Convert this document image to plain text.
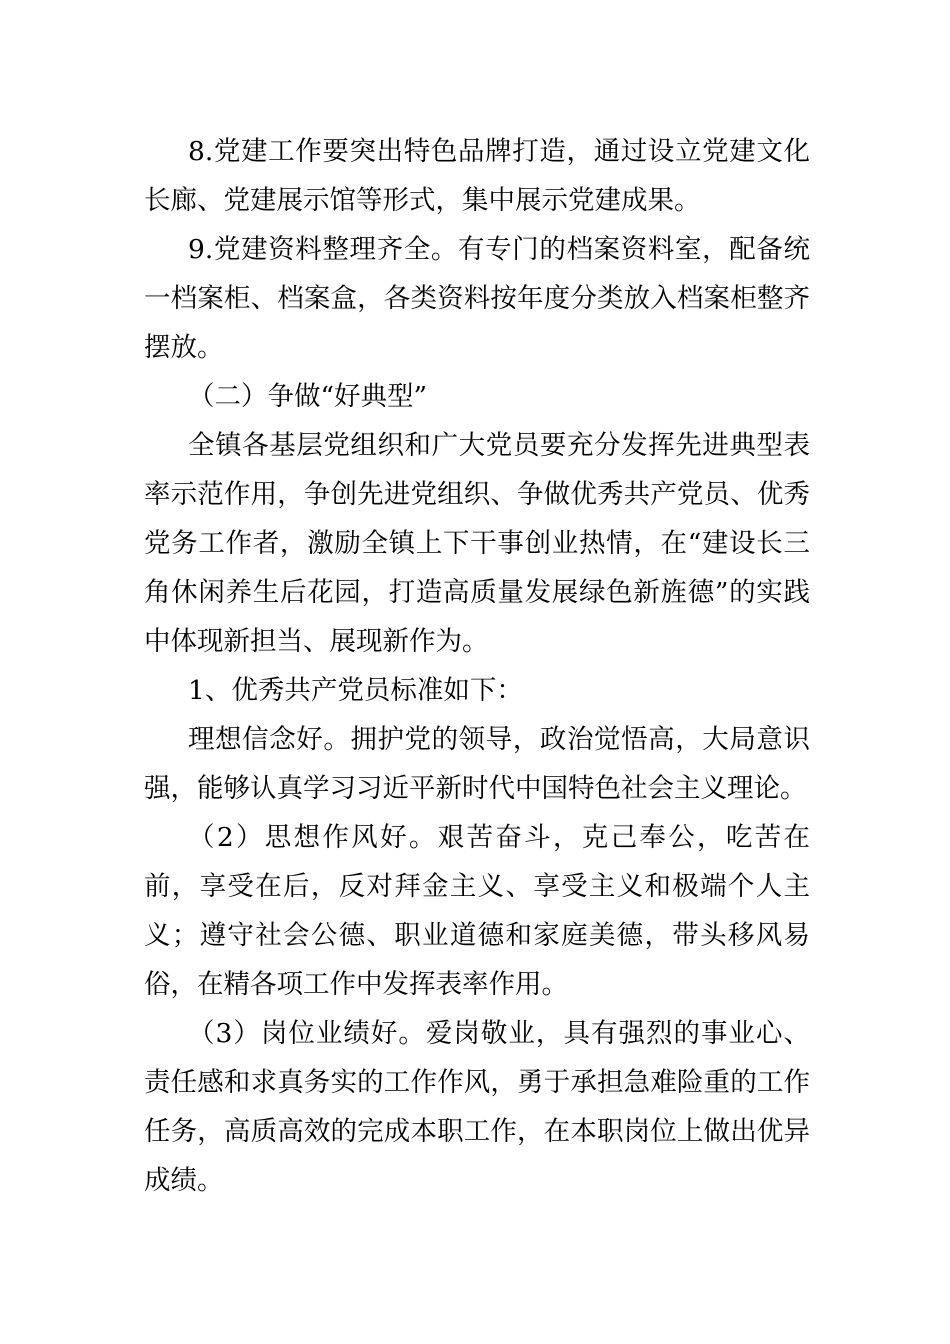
8.党建工作要突出特色品牌打造，通过设立党建文化长廊、党建展示馆等形式，集中展示党建成果。

9.党建资料整理齐全。有专门的档案资料室，配备统一档案柜、档案盒，各类资料按年度分类放入档案柜整齐摆放。

（二）争做“好典型”

全镇各基层党组织和广大党员要充分发挥先进典型表率示范作用，争创先进党组织、争做优秀共产党员、优秀党务工作者，激励全镇上下干事创业热情，在“建设长三角休闲养生后花园，打造高质量发展绿色新旌德”的实践中体现新担当、展现新作为。

1、优秀共产党员标准如下：

理想信念好。拥护党的领导，政治觉悟高，大局意识强，能够认真学习习近平新时代中国特色社会主义理论。

（2）思想作风好。艰苦奋斗，克己奉公，吃苦在前，享受在后，反对拜金主义、享受主义和极端个人主义；遵守社会公德、职业道德和家庭美德，带头移风易俗，在精各项工作中发挥表率作用。

（3）岗位业绩好。爱岗敬业，具有强烈的事业心、责任感和求真务实的工作作风，勇于承担急难险重的工作任务，高质高效的完成本职工作，在本职岗位上做出优异成绩。
